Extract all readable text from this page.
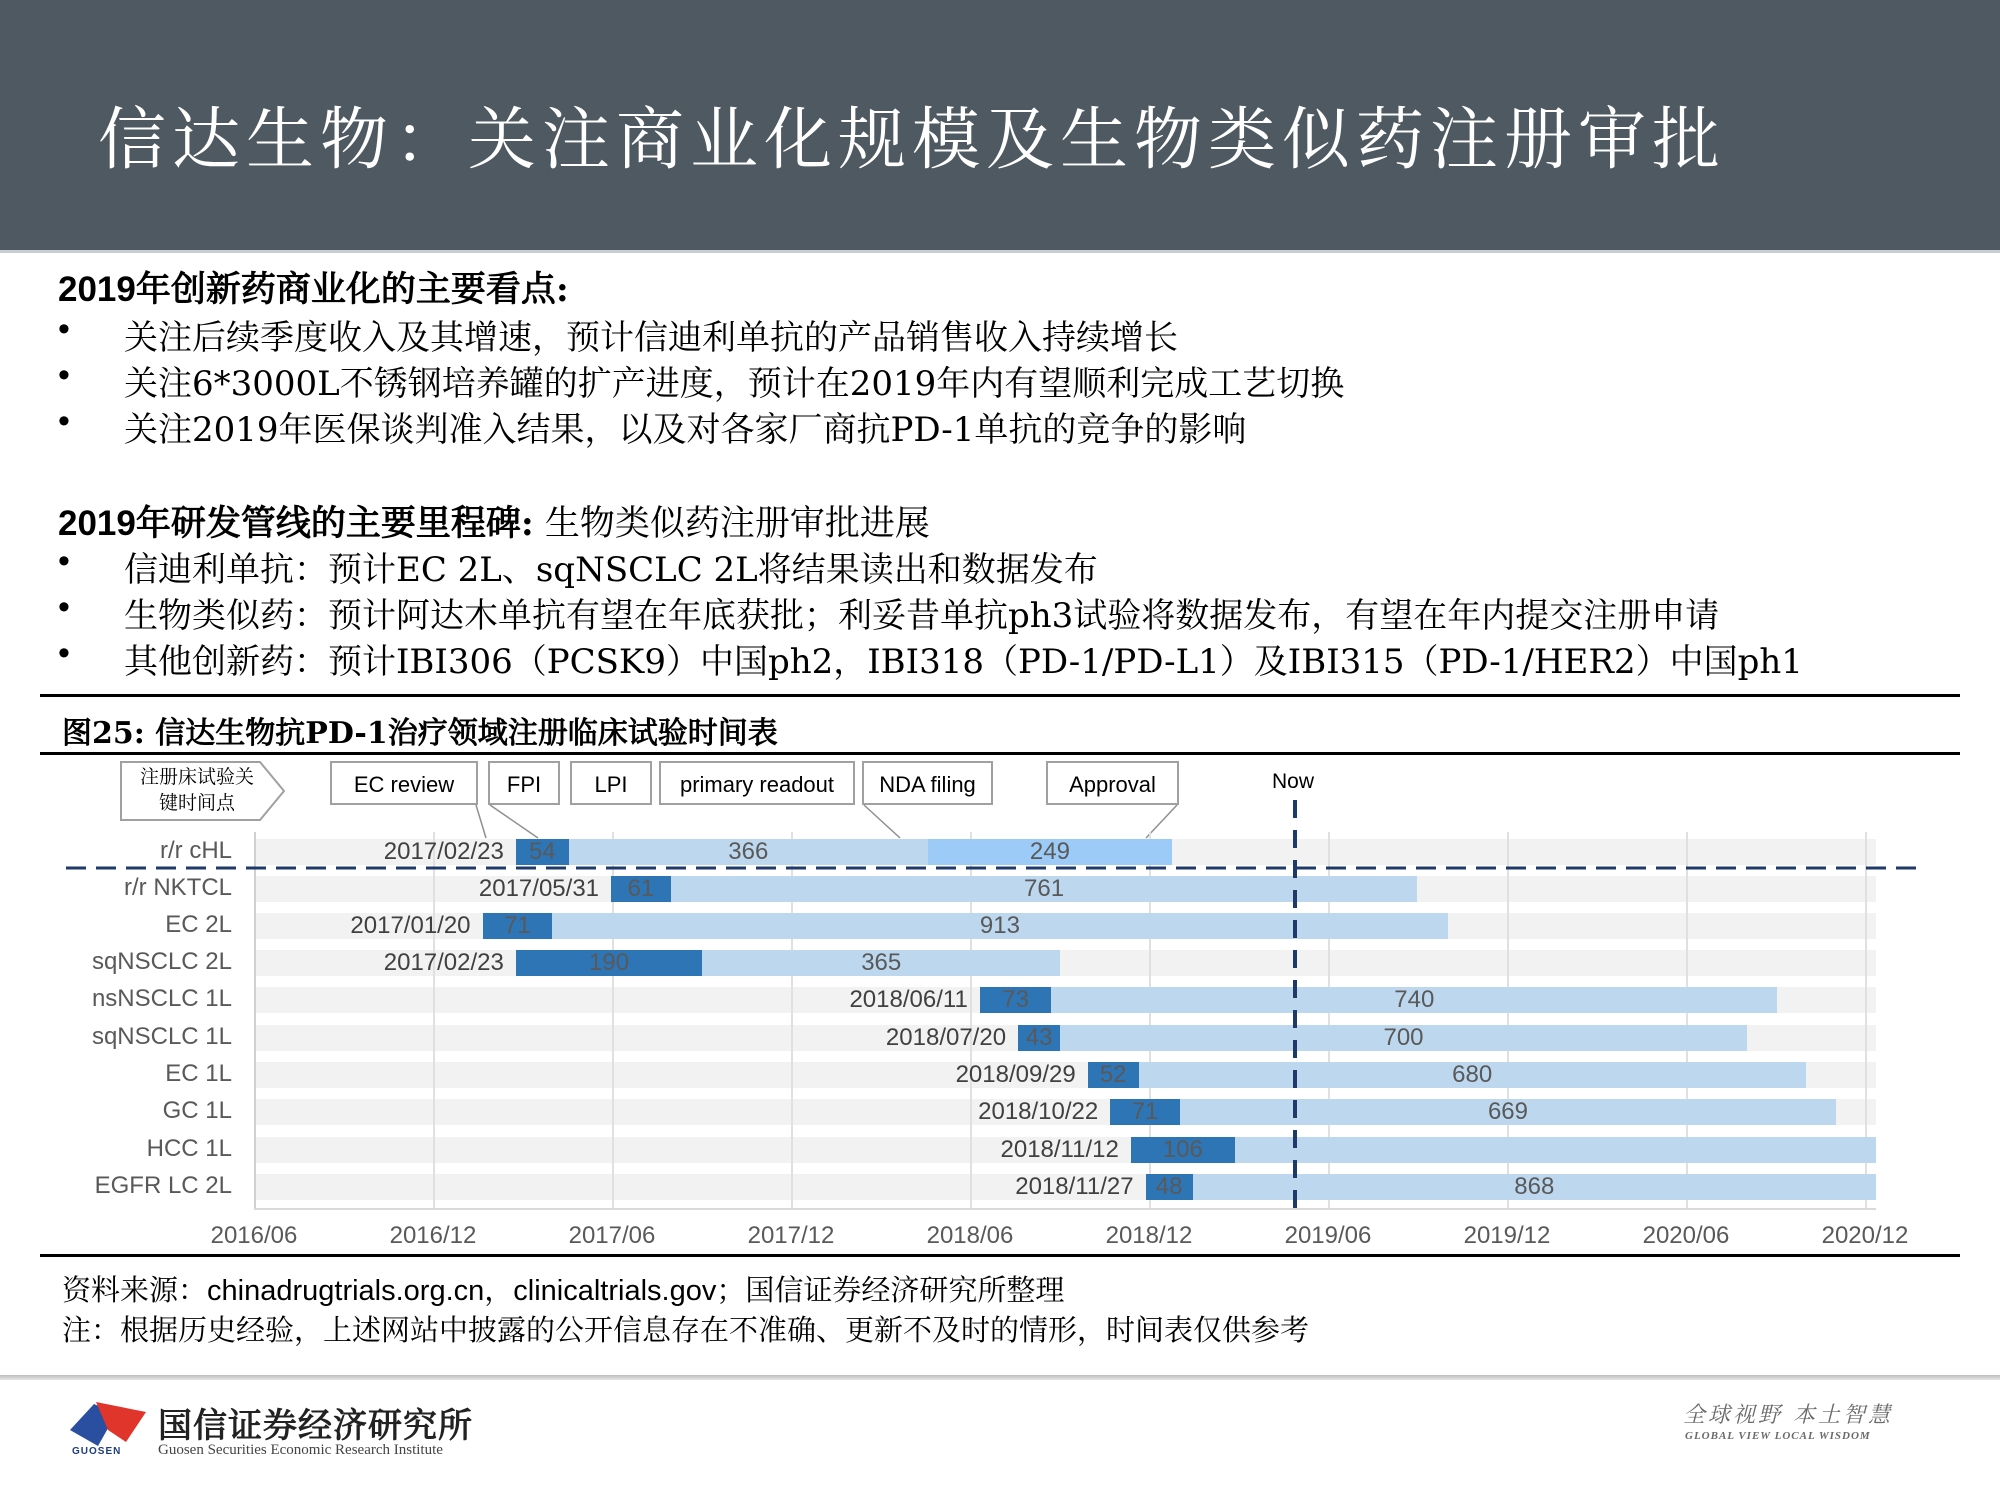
信达生物：关注商业化规模及生物类似药注册审批
2019年创新药商业化的主要看点:
• 关注后续季度收入及其增速，预计信迪利单抗的产品销售收入持续增长
• 关注6*3000L不锈钢培养罐的扩产进度，预计在2019年内有望顺利完成工艺切换
• 关注2019年医保谈判准入结果，以及对各家厂商抗PD-1单抗的竞争的影响
2019年研发管线的主要里程碑: 生物类似药注册审批进展
• 信迪利单抗：预计EC 2L、sqNSCLC 2L将结果读出和数据发布
• 生物类似药：预计阿达木单抗有望在年底获批；利妥昔单抗ph3试验将数据发布，有望在年内提交注册申请
• 其他创新药：预计IBI306（PCSK9）中国ph2，IBI318（PD-1/PD-L1）及IBI315（PD-1/HER2）中国ph1
图25: 信达生物抗PD-1治疗领域注册临床试验时间表
注册床试验关键时间点
EC review	FPI	LPI	primary readout	NDA filing	Approval	Now
2016/06	2016/12	2017/06	2017/12	2018/06	2018/12	2019/06	2019/12	2020/06	2020/12
r/r cHL	2017/02/23	54	366	249
r/r NKTCL	2017/05/31	61	761
EC 2L	2017/01/20	71	913
sqNSCLC 2L	2017/02/23	190	365
nsNSCLC 1L	2018/06/11	73	740
sqNSCLC 1L	2018/07/20 43	700
EC 1L	2018/09/29	52	680
GC 1L	2018/10/22	71	669
HCC 1L	2018/11/12	106
EGFR LC 2L	2018/11/27 48	868
资料来源：chinadrugtrials.org.cn，clinicaltrials.gov；国信证券经济研究所整理
注：根据历史经验，上述网站中披露的公开信息存在不准确、更新不及时的情形，时间表仅供参考
GUOSEN
国信证券经济研究所
Guosen Securities Economic Research Institute
全球视野 本土智慧
GLOBAL VIEW LOCAL WISDOM
